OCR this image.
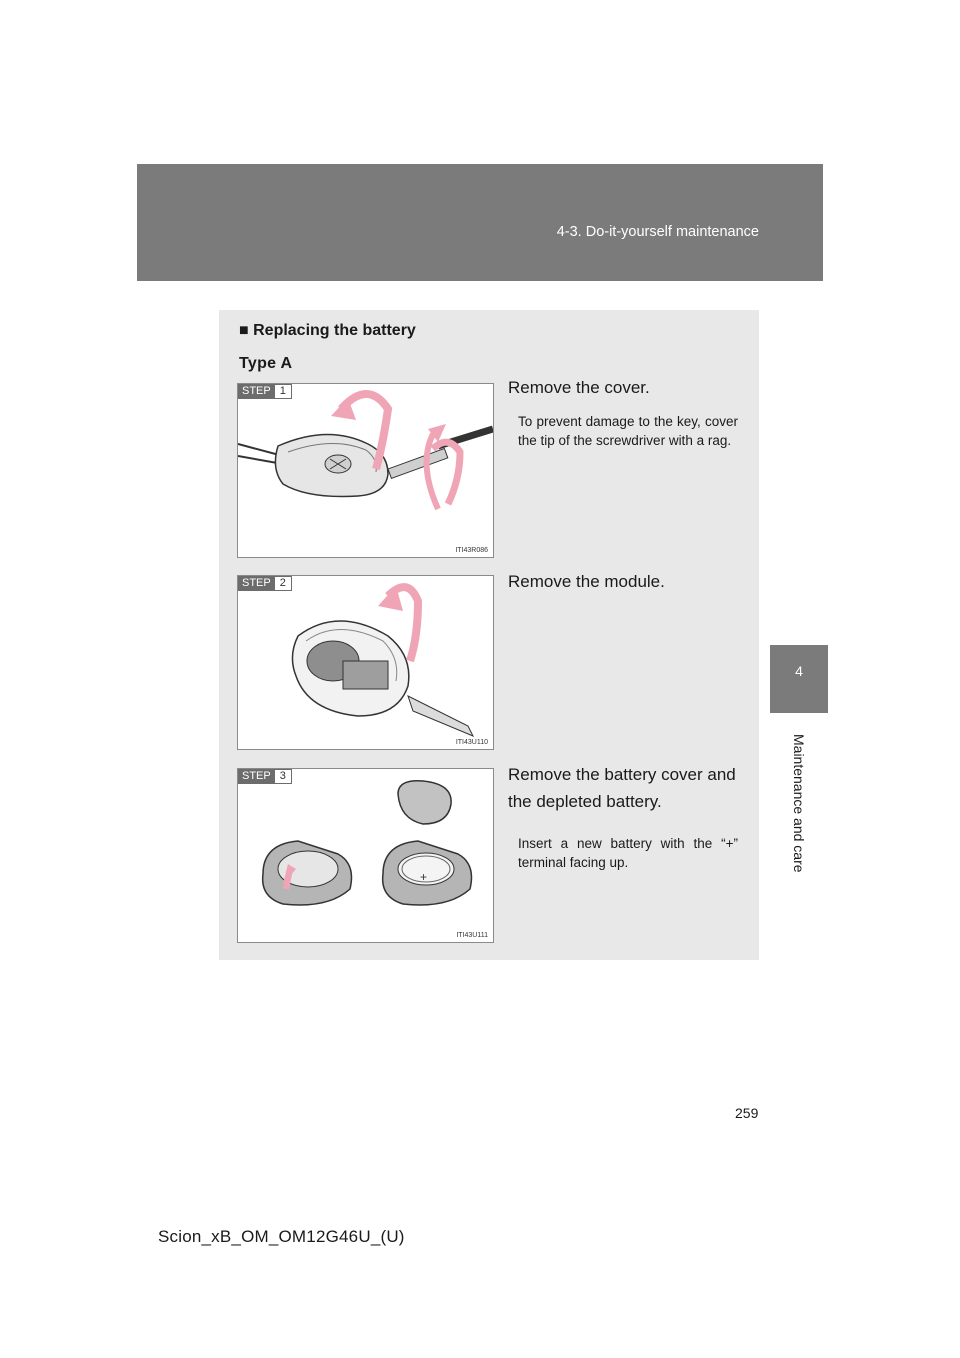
4-3. Do-it-yourself maintenance
4
Maintenance and care
■ Replacing the battery
Type A
STEP 1
ITI43R086
Remove the cover.
To prevent damage to the key, cover the tip of the screwdriver with a rag.
STEP 2
ITI43U110
Remove the module.
STEP 3
+
ITI43U111
Remove the battery cover and the depleted battery.
Insert a new battery with the “+” terminal facing up.
259
Scion_xB_OM_OM12G46U_(U)
